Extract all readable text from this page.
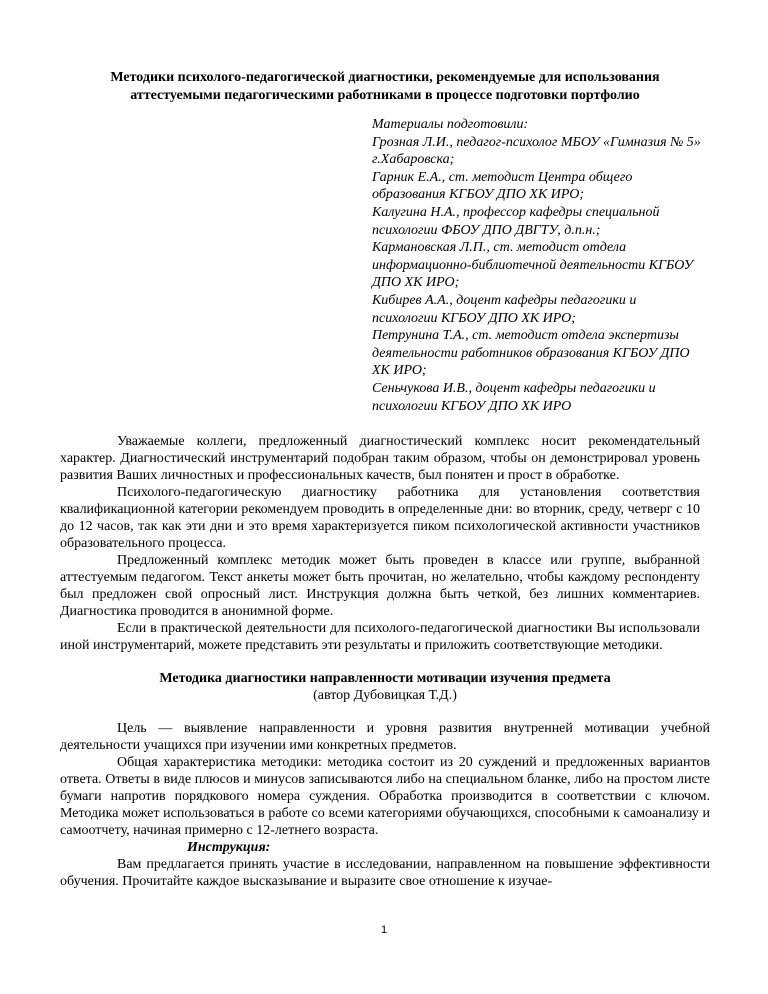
Методики психолого-педагогической диагностики, рекомендуемые для использования
аттестуемыми педагогическими работниками в процессе подготовки портфолио
Материалы подготовили:
Грозная Л.И., педагог-психолог МБОУ «Гимназия № 5» г.Хабаровска;
Гарник Е.А., ст. методист Центра общего образования КГБОУ ДПО ХК ИРО;
Калугина Н.А., профессор кафедры специальной психологии ФБОУ ДПО ДВГТУ, д.п.н.;
Кармановская Л.П., ст. методист отдела информационно-библиотечной деятельности КГБОУ ДПО ХК ИРО;
Кибирев А.А., доцент кафедры педагогики и психологии КГБОУ ДПО ХК ИРО;
Петрунина Т.А., ст. методист отдела экспертизы деятельности работников образования КГБОУ ДПО ХК ИРО;
Сеньчукова И.В., доцент кафедры педагогики и психологии КГБОУ ДПО ХК ИРО

Уважаемые коллеги, предложенный диагностический комплекс носит рекомендательный характер. Диагностический инструментарий подобран таким образом, чтобы он демонстрировал уровень развития Ваших личностных и профессиональных качеств, был понятен и прост в обработке.

Психолого-педагогическую диагностику работника для установления соответствия квалификационной категории рекомендуем проводить в определенные дни: во вторник, среду, четверг с 10 до 12 часов, так как эти дни и это время характеризуется пиком психологической активности участников образовательного процесса.

Предложенный комплекс методик может быть проведен в классе или группе, выбранной аттестуемым педагогом. Текст анкеты может быть прочитан, но желательно, чтобы каждому респонденту был предложен свой опросный лист. Инструкция должна быть четкой, без лишних комментариев. Диагностика проводится в анонимной форме.

Если в практической деятельности для психолого-педагогической диагностики Вы использовали иной инструментарий, можете представить эти результаты и приложить соответствующие методики.

Методика диагностики направленности мотивации изучения предмета
(автор Дубовицкая Т.Д.)

Цель — выявление направленности и уровня развития внутренней мотивации учебной деятельности учащихся при изучении ими конкретных предметов.

Общая характеристика методики: методика состоит из 20 суждений и предложенных вариантов ответа. Ответы в виде плюсов и минусов записываются либо на специальном бланке, либо на простом листе бумаги напротив порядкового номера суждения. Обработка производится в соответствии с ключом. Методика может использоваться в работе со всеми категориями обучающихся, способными к самоанализу и самоотчету, начиная примерно с 12-летнего возраста.

Инструкция:

Вам предлагается принять участие в исследовании, направленном на повышение эффективности обучения. Прочитайте каждое высказывание и выразите свое отношение к изучае-

1
